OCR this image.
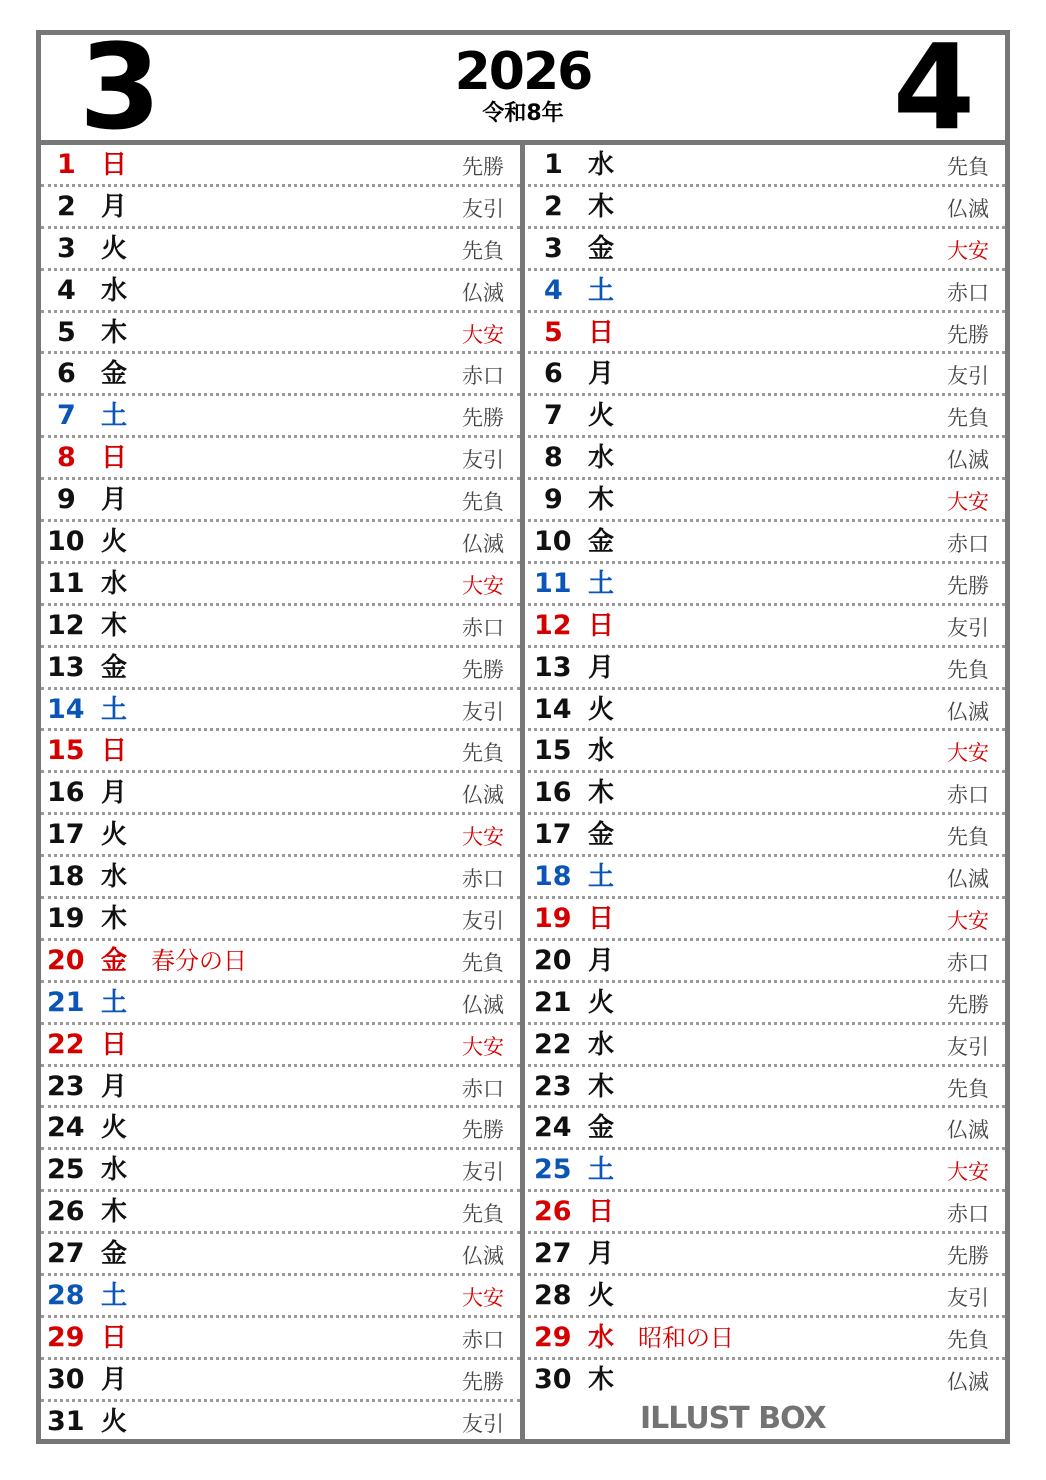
3	2026
令和8年	4
1 日	先勝
2 月	友引
3 火	先負
4 水	仏滅
5 木	大安
6 金	赤口
7 土	先勝
8 日	友引
9 月	先負
10 火	仏滅
11 水	大安
12 木	赤口
13 金	先勝
14 土	友引
15 日	先負
16 月	仏滅
17 火	大安
18 水	赤口
19 木	友引
20 金 春分の日	先負
21 土	仏滅
22 日	大安
23 月	赤口
24 火	先勝
25 水	友引
26 木	先負
27 金	仏滅
28 土	大安
29 日	赤口
30 月	先勝
31 火	友引
1 水	先負
2 木	仏滅
3 金	大安
4 土	赤口
5 日	先勝
6 月	友引
7 火	先負
8 水	仏滅
9 木	大安
10 金	赤口
11 土	先勝
12 日	友引
13 月	先負
14 火	仏滅
15 水	大安
16 木	赤口
17 金	先負
18 土	仏滅
19 日	大安
20 月	赤口
21 火	先勝
22 水	友引
23 木	先負
24 金	仏滅
25 土	大安
26 日	赤口
27 月	先勝
28 火	友引
29 水 昭和の日	先負
30 木	仏滅
ILLUST BOX
